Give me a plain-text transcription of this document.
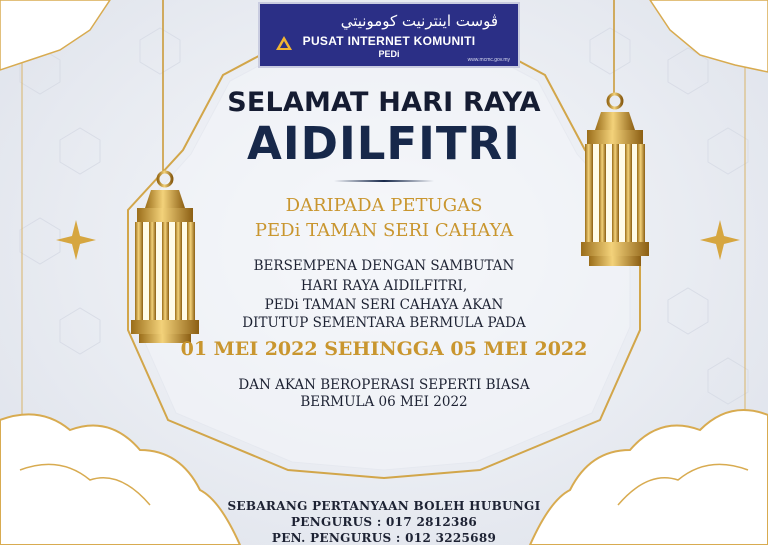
ڤوست اينترنيت كومونيتي
PUSAT INTERNET KOMUNITI
PEDi
www.mcmc.gov.my
SELAMAT HARI RAYA
AIDILFITRI
DARIPADA PETUGAS
PEDi TAMAN SERI CAHAYA
BERSEMPENA DENGAN SAMBUTAN
HARI RAYA AIDILFITRI,
PEDi TAMAN SERI CAHAYA AKAN
DITUTUP SEMENTARA BERMULA PADA
01 MEI 2022 SEHINGGA 05 MEI 2022
DAN AKAN BEROPERASI SEPERTI BIASA
BERMULA 06 MEI 2022
SEBARANG PERTANYAAN BOLEH HUBUNGI
PENGURUS : 017 2812386
PEN. PENGURUS : 012 3225689
